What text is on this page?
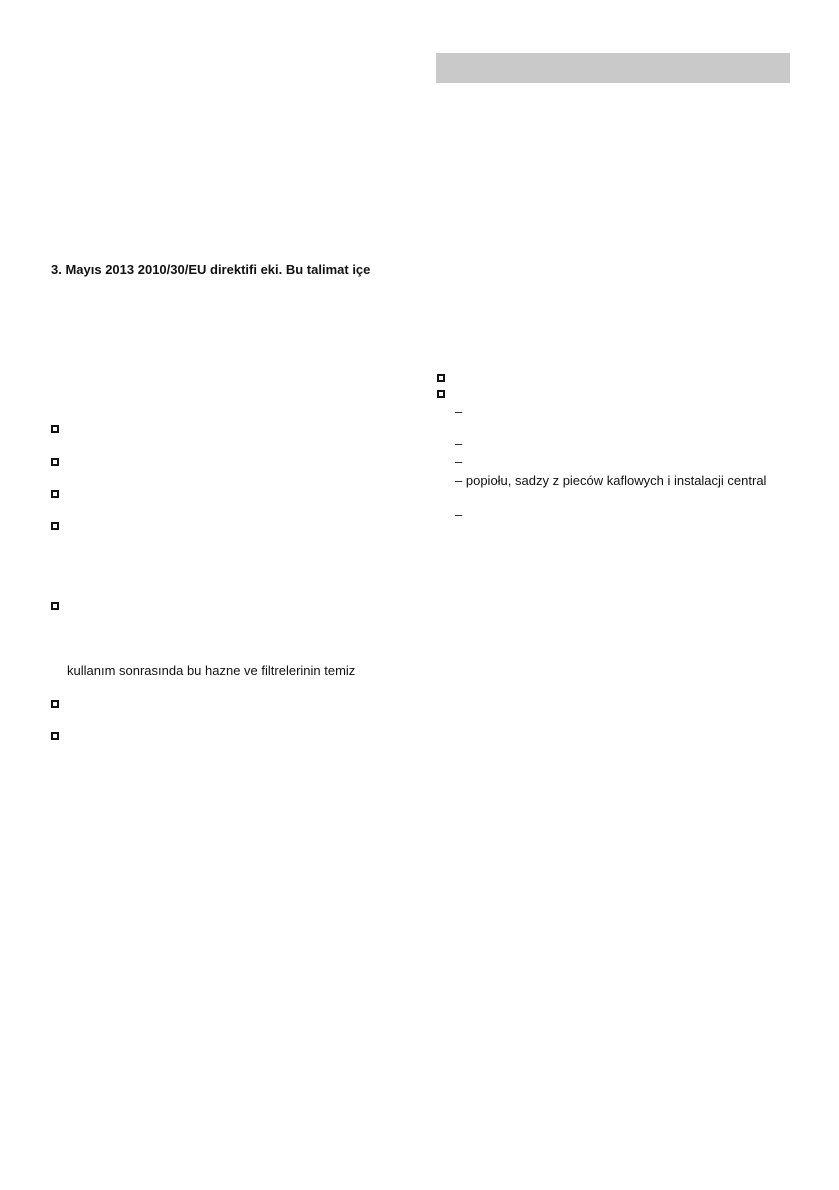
3. Mayıs 2013 2010/30/EU direktifi eki. Bu talimat içe
kullanım sonrasında bu hazne ve filtrelerinin temiz
–
–
–
– popiołu, sadzy z pieców kaflowych i instalacji central
–
